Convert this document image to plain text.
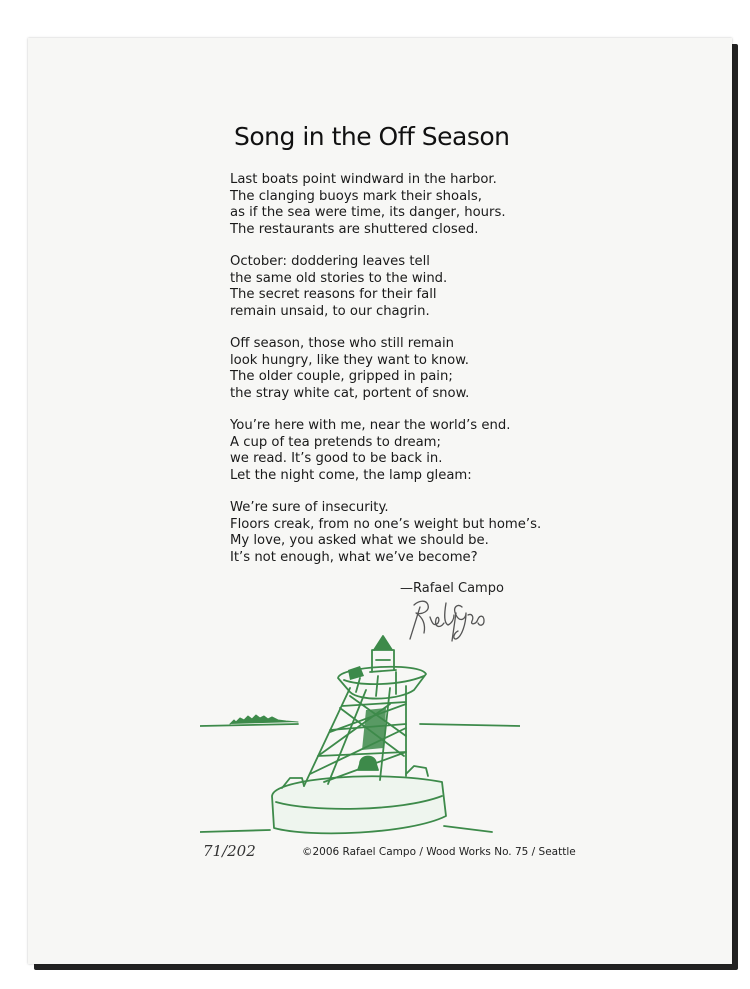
Song in the Off Season
Last boats point windward in the harbor.
The clanging buoys mark their shoals,
as if the sea were time, its danger, hours.
The restaurants are shuttered closed.
October: doddering leaves tell
the same old stories to the wind.
The secret reasons for their fall
remain unsaid, to our chagrin.
Off season, those who still remain
look hungry, like they want to know.
The older couple, gripped in pain;
the stray white cat, portent of snow.
You’re here with me, near the world’s end.
A cup of tea pretends to dream;
we read. It’s good to be back in.
Let the night come, the lamp gleam:
We’re sure of insecurity.
Floors creak, from no one’s weight but home’s.
My love, you asked what we should be.
It’s not enough, what we’ve become?
—Rafael Campo
71/202	©2006 Rafael Campo / Wood Works No. 75 / Seattle
